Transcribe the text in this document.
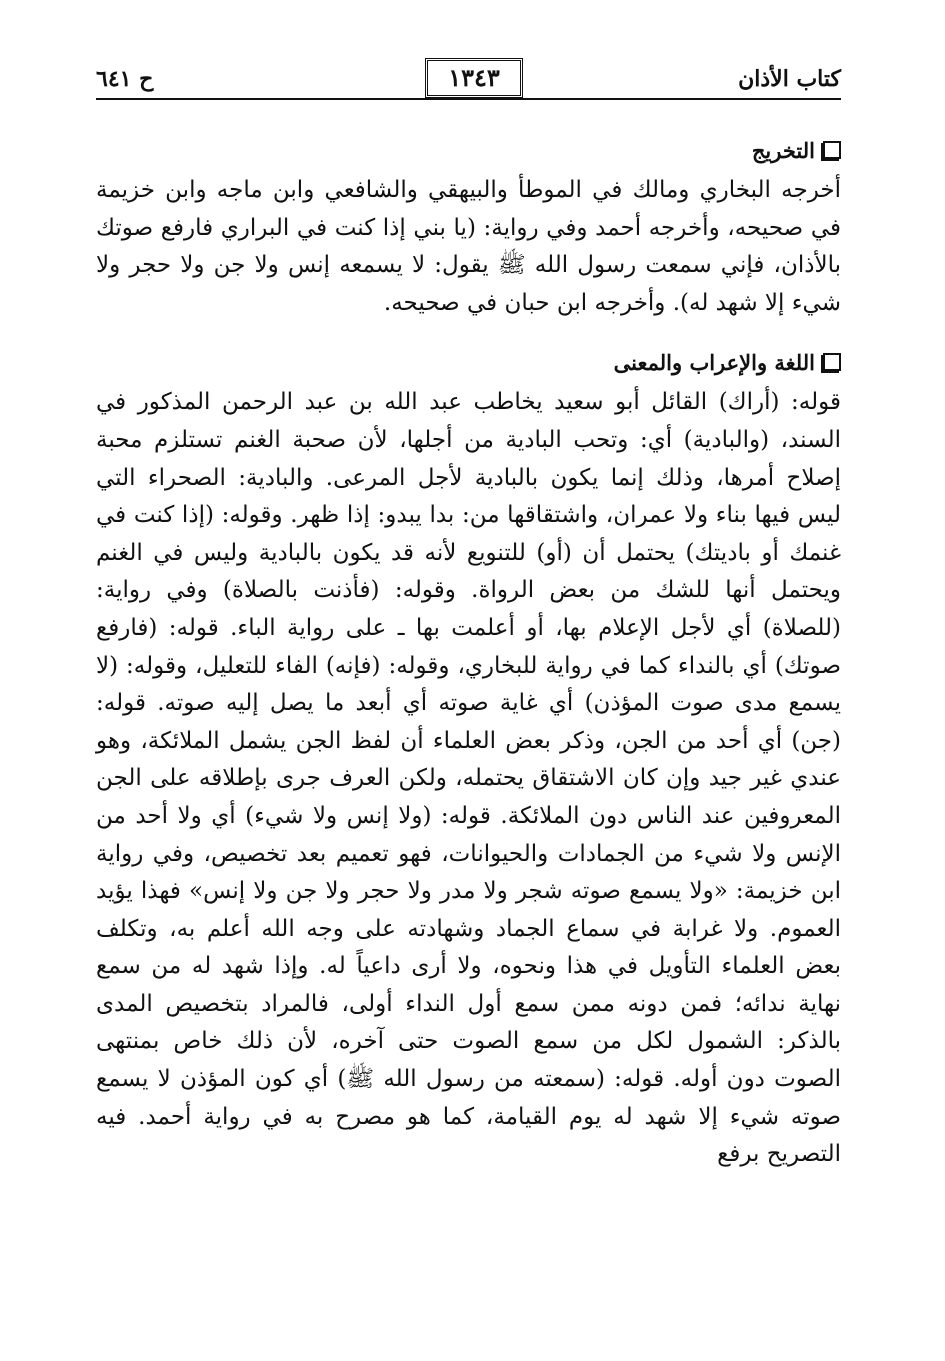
كتاب الأذان
١٣٤٣
ح ٦٤١
التخريج

أخرجه البخاري ومالك في الموطأ والبيهقي والشافعي وابن ماجه وابن خزيمة في صحيحه، وأخرجه أحمد وفي رواية: (يا بني إذا كنت في البراري فارفع صوتك بالأذان، فإني سمعت رسول الله ﷺ يقول: لا يسمعه إنس ولا جن ولا حجر ولا شيء إلا شهد له). وأخرجه ابن حبان في صحيحه.

اللغة والإعراب والمعنى

قوله: (أراك) القائل أبو سعيد يخاطب عبد الله بن عبد الرحمن المذكور في السند، (والبادية) أي: وتحب البادية من أجلها، لأن صحبة الغنم تستلزم محبة إصلاح أمرها، وذلك إنما يكون بالبادية لأجل المرعى. والبادية: الصحراء التي ليس فيها بناء ولا عمران، واشتقاقها من: بدا يبدو: إذا ظهر. وقوله: (إذا كنت في غنمك أو باديتك) يحتمل أن (أو) للتنويع لأنه قد يكون بالبادية وليس في الغنم ويحتمل أنها للشك من بعض الرواة. وقوله: (فأذنت بالصلاة) وفي رواية: (للصلاة) أي لأجل الإعلام بها، أو أعلمت بها ـ على رواية الباء. قوله: (فارفع صوتك) أي بالنداء كما في رواية للبخاري، وقوله: (فإنه) الفاء للتعليل، وقوله: (لا يسمع مدى صوت المؤذن) أي غاية صوته أي أبعد ما يصل إليه صوته. قوله: (جن) أي أحد من الجن، وذكر بعض العلماء أن لفظ الجن يشمل الملائكة، وهو عندي غير جيد وإن كان الاشتقاق يحتمله، ولكن العرف جرى بإطلاقه على الجن المعروفين عند الناس دون الملائكة. قوله: (ولا إنس ولا شيء) أي ولا أحد من الإنس ولا شيء من الجمادات والحيوانات، فهو تعميم بعد تخصيص، وفي رواية ابن خزيمة: «ولا يسمع صوته شجر ولا مدر ولا حجر ولا جن ولا إنس» فهذا يؤيد العموم. ولا غرابة في سماع الجماد وشهادته على وجه الله أعلم به، وتكلف بعض العلماء التأويل في هذا ونحوه، ولا أرى داعياً له. وإذا شهد له من سمع نهاية ندائه؛ فمن دونه ممن سمع أول النداء أولى، فالمراد بتخصيص المدى بالذكر: الشمول لكل من سمع الصوت حتى آخره، لأن ذلك خاص بمنتهى الصوت دون أوله. قوله: (سمعته من رسول الله ﷺ) أي كون المؤذن لا يسمع صوته شيء إلا شهد له يوم القيامة، كما هو مصرح به في رواية أحمد. فيه التصريح برفع
